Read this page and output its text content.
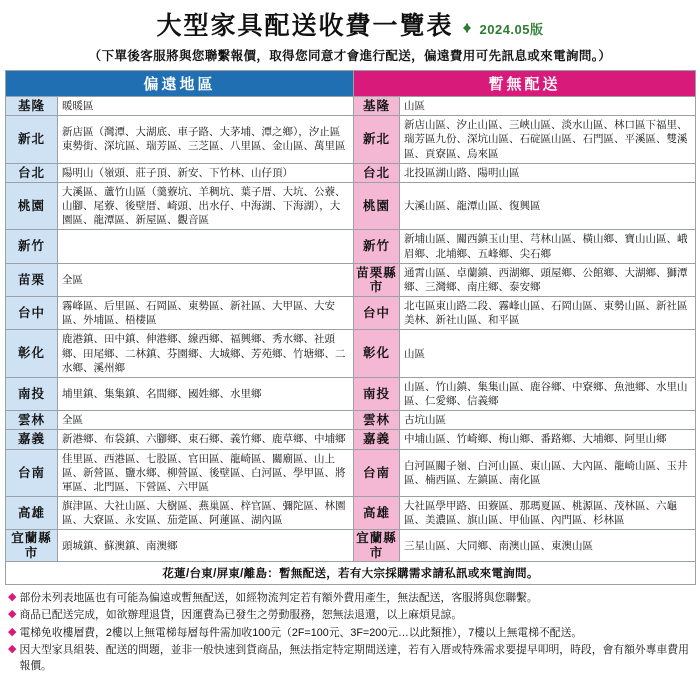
大型家具配送收費一覽表 2024.05版
（下單後客服將與您聯繫報價，取得您同意才會進行配送，偏遠費用可先訊息或來電詢問。）
偏遠地區		暫無配送	
基隆	暖暖區	基隆	山區
新北	新店區（灣潭、大湖底、車子路、大茅埔、潭之鄉），汐止區東勢街、深坑區、瑞芳區、三芝區、八里區、金山區、萬里區	新北	新店山區、汐止山區、三峽山區、淡水山區、林口區下福里、瑞芳區九份、深坑山區、石碇區山區、石門區、平溪區、雙溪區、貢寮區、烏來區
台北	陽明山（嶺頭、莊子頂、新安、下竹林、山仔頂）	台北	北投區湖山路、陽明山區
桃園	大溪區、蘆竹山區（羹藔坑、羊稠坑、葉子厝、大坑、公藔、山腳、尾藔、後壁厝、崎頭、出水仔、中海湖、下海湖），大園區、龍潭區、新屋區、觀音區	桃園	大溪山區、龍潭山區、復興區
新竹		新竹	新埔山區、關西鎮玉山里、芎林山區、橫山鄉、寶山山區、峨眉鄉、北埔鄉、五峰鄉、尖石鄉
苗栗	全區	苗栗縣市	通霄山區、卓蘭鎮、西湖鄉、頭屋鄉、公館鄉、大湖鄉、獅潭鄉、三灣鄉、南庄鄉、泰安鄉
台中	霧峰區、后里區、石岡區、東勢區、新社區、大甲區、大安區、外埔區、梧棲區	台中	北屯區東山路二段、霧峰山區、石岡山區、東勢山區、新社區美林、新社山區、和平區
彰化	鹿港鎮、田中鎮、伸港鄉、線西鄉、福興鄉、秀水鄉、社頭鄉、田尾鄉、二林鎮、芬園鄉、大城鄉、芳苑鄉、竹塘鄉、二水鄉、溪州鄉	彰化	山區
南投	埔里鎮、集集鎮、名間鄉、國姓鄉、水里鄉	南投	山區、竹山鎮、集集山區、鹿谷鄉、中寮鄉、魚池鄉、水里山區、仁愛鄉、信義鄉
雲林	全區	雲林	古坑山區
嘉義	新港鄉、布袋鎮、六腳鄉、東石鄉、義竹鄉、鹿草鄉、中埔鄉	嘉義	中埔山區、竹崎鄉、梅山鄉、番路鄉、大埔鄉、阿里山鄉
台南	佳里區、西港區、七股區、官田區、龍崎區、關廟區、山上區、新營區、鹽水鄉、柳營區、後壁區、白河區、學甲區、將軍區、北門區、下營區、六甲區	台南	白河區關子嶺、白河山區、東山區、大內區、龍崎山區、玉井區、楠西區、左鎮區、南化區
高雄	旗津區、大社山區、大樹區、燕巢區、梓官區、彌陀區、林園區、大寮區、永安區、茄萣區、阿蓮區、湖內區	高雄	大社區學甲路、田藔區、那瑪夏區、桃源區、茂林區、六龜區、美濃區、旗山區、甲仙區、內門區、杉林區
宜蘭縣市	頭城鎮、蘇澳鎮、南澳鄉	宜蘭縣市	三星山區、大同鄉、南澳山區、東澳山區
花蓮/台東/屏東/離島：暫無配送，若有大宗採購需求請私訊或來電詢問。			
◆ 部份未列表地區也有可能為偏遠或暫無配送，如經物流判定若有額外費用產生，無法配送，客服將與您聯繫。
◆ 商品已配送完成，如欲辦理退貨，因運費為已發生之勞動服務，恕無法退還，以上麻煩見諒。
◆ 電梯免收樓層費，2樓以上無電梯每層每件需加收100元（2F=100元、3F=200元…以此類推），7樓以上無電梯不配送。
◆ 因大型家具組裝、配送的問題，並非一般快速到貨商品，無法指定特定期間送達，若有入厝或特殊需求要提早叩明，時段，會有額外專車費用報價。
